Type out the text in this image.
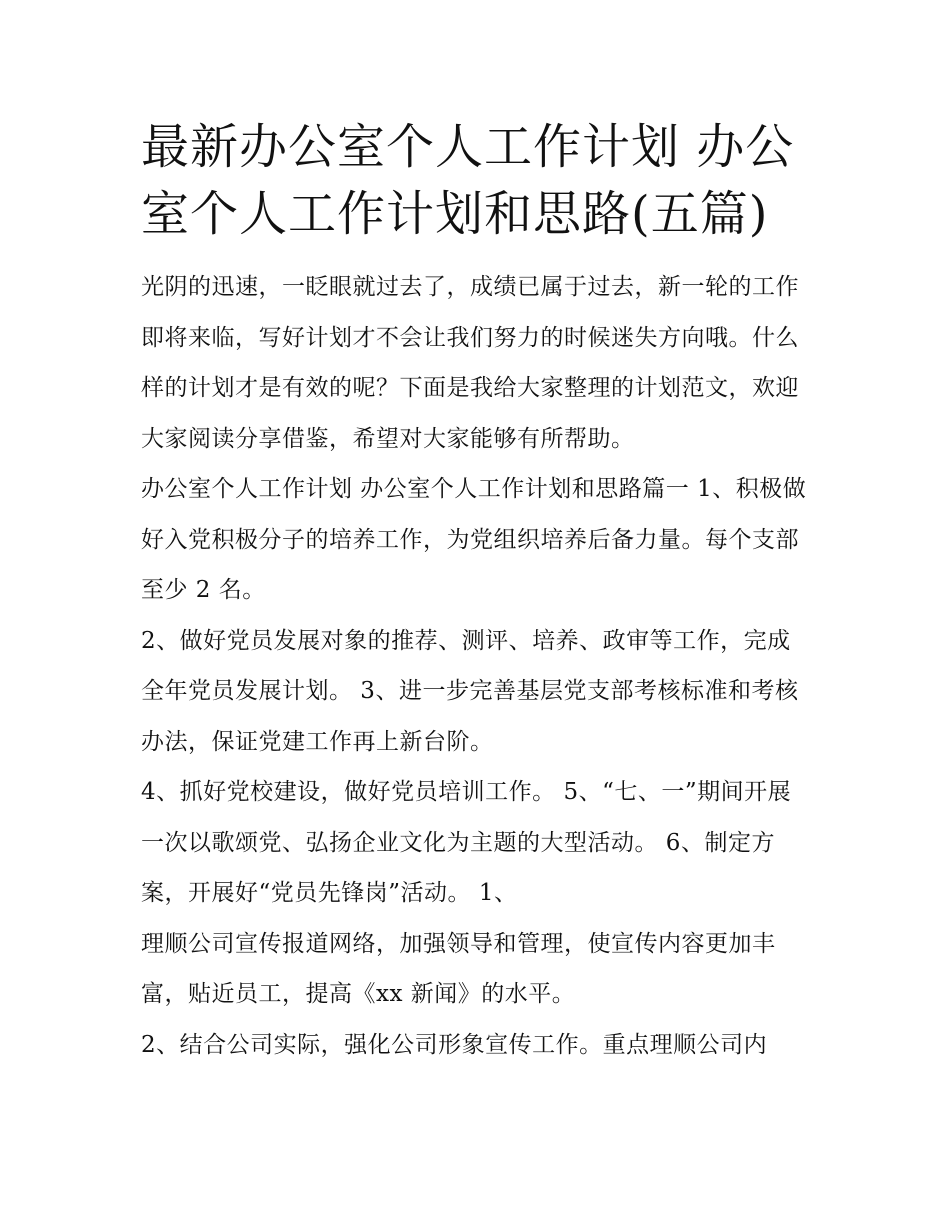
最新办公室个人工作计划 办公室个人工作计划和思路(五篇)

光阴的迅速，一眨眼就过去了，成绩已属于过去，新一轮的工作即将来临，写好计划才不会让我们努力的时候迷失方向哦。什么样的计划才是有效的呢？下面是我给大家整理的计划范文，欢迎大家阅读分享借鉴，希望对大家能够有所帮助。

办公室个人工作计划 办公室个人工作计划和思路篇一 1、积极做好入党积极分子的培养工作，为党组织培养后备力量。每个支部至少 2 名。

2、做好党员发展对象的推荐、测评、培养、政审等工作，完成全年党员发展计划。 3、进一步完善基层党支部考核标准和考核办法，保证党建工作再上新台阶。

4、抓好党校建设，做好党员培训工作。 5、“七、一”期间开展一次以歌颂党、弘扬企业文化为主题的大型活动。 6、制定方案，开展好“党员先锋岗”活动。 1、

理顺公司宣传报道网络，加强领导和管理，使宣传内容更加丰富，贴近员工，提高《xx 新闻》的水平。

2、结合公司实际，强化公司形象宣传工作。重点理顺公司内
